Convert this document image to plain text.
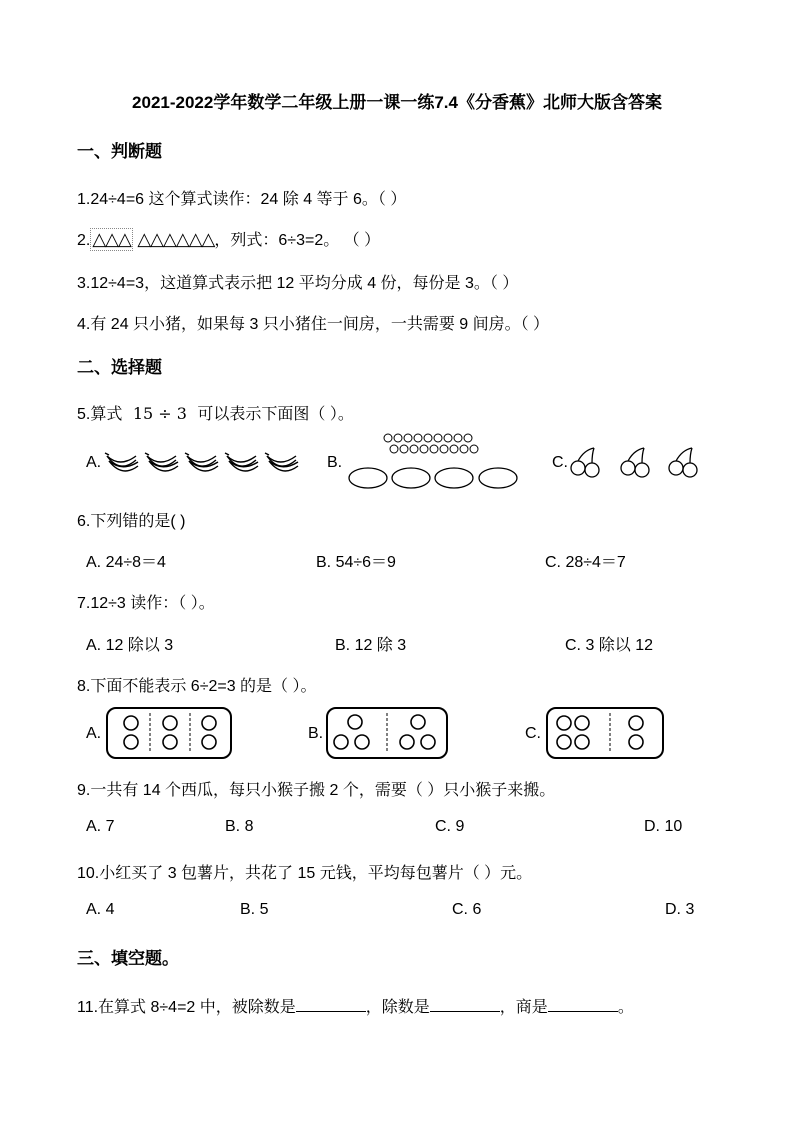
2021-2022学年数学二年级上册一课一练7.4《分香蕉》北师大版含答案
一、判断题
1.24÷4=6 这个算式读作：24 除 4 等于 6。（ ）
2. △△△ △△△△△△，列式：6÷3=2。 （ ）
3.12÷4=3，这道算式表示把 12 平均分成 4 份，每份是 3。（ ）
4.有 24 只小猪，如果每 3 只小猪住一间房，一共需要 9 间房。（ ）
二、选择题
5.算式 15 ÷ 3 可以表示下面图（ ）。
A.	B.	C.
6.下列错的是( )
A. 24÷8＝4	B. 54÷6＝9	C. 28÷4＝7
7.12÷3 读作：（ ）。
A. 12 除以 3	B. 12 除 3	C. 3 除以 12
8.下面不能表示 6÷2=3 的是（ ）。
A.	B.	C.
9.一共有 14 个西瓜，每只小猴子搬 2 个，需要（ ）只小猴子来搬。
A. 7	B. 8	C. 9	D. 10
10.小红买了 3 包薯片，共花了 15 元钱，平均每包薯片（ ）元。
A. 4	B. 5	C. 6	D. 3
三、填空题。
11.在算式 8÷4=2 中，被除数是	，除数是	，商是	。
